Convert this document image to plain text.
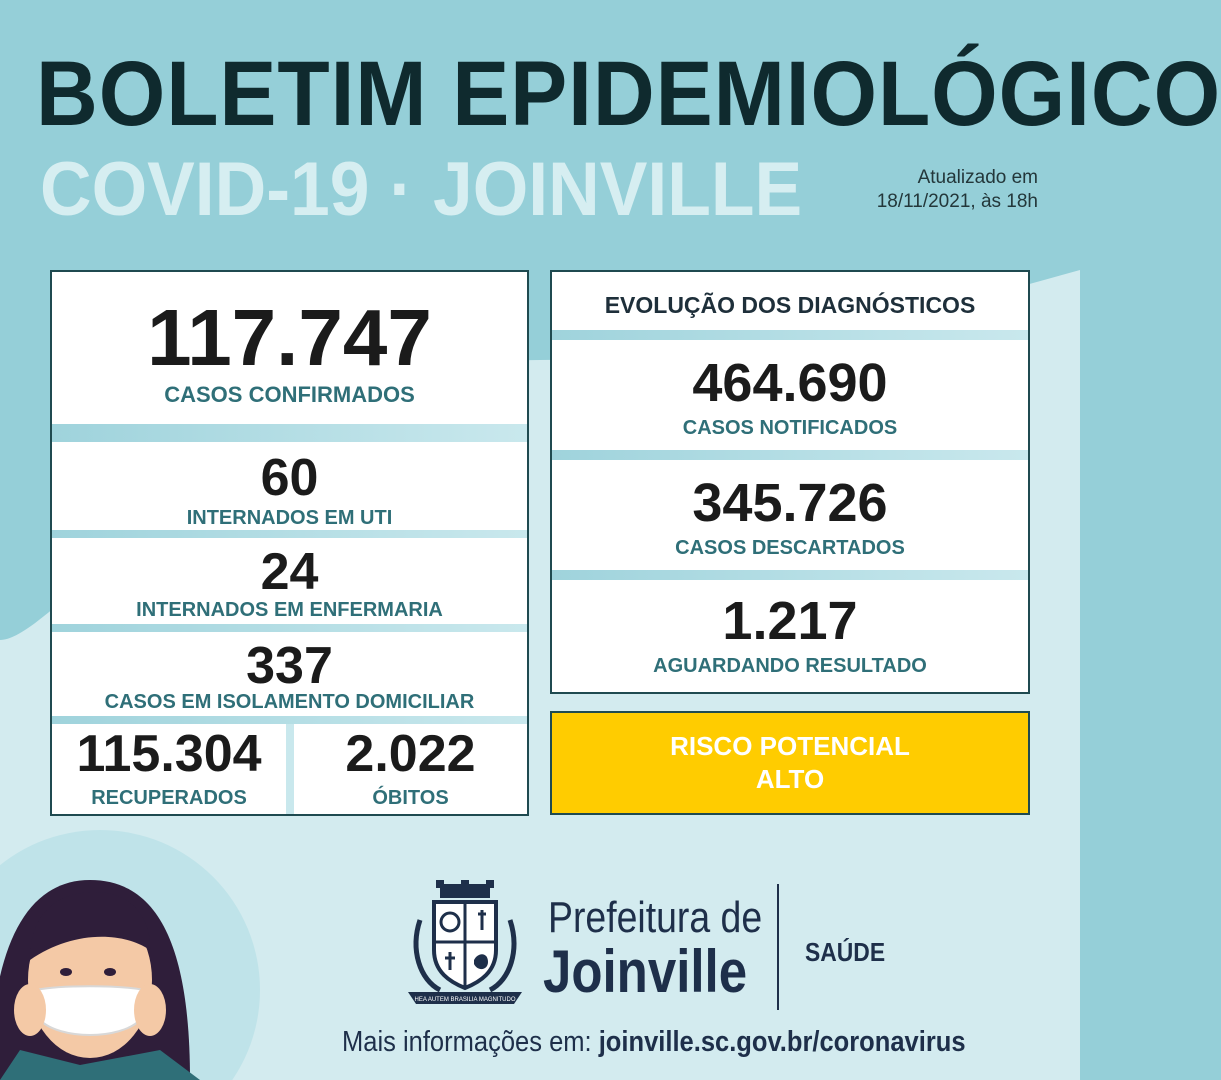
BOLETIM EPIDEMIOLÓGICO
COVID-19 · JOINVILLE	Atualizado em
18/11/2021, às 18h
117.747
CASOS CONFIRMADOS
60
INTERNADOS EM UTI
24
INTERNADOS EM ENFERMARIA
337
CASOS EM ISOLAMENTO DOMICILIAR
115.304
RECUPERADOS
2.022
ÓBITOS
EVOLUÇÃO DOS DIAGNÓSTICOS
464.690
CASOS NOTIFICADOS
345.726
CASOS DESCARTADOS
1.217
AGUARDANDO RESULTADO
RISCO POTENCIAL
ALTO
HEA AUTEM BRASILIA MAGNITUDO
Prefeitura de
Joinville SAÚDE
Mais informações em: joinville.sc.gov.br/coronavirus
